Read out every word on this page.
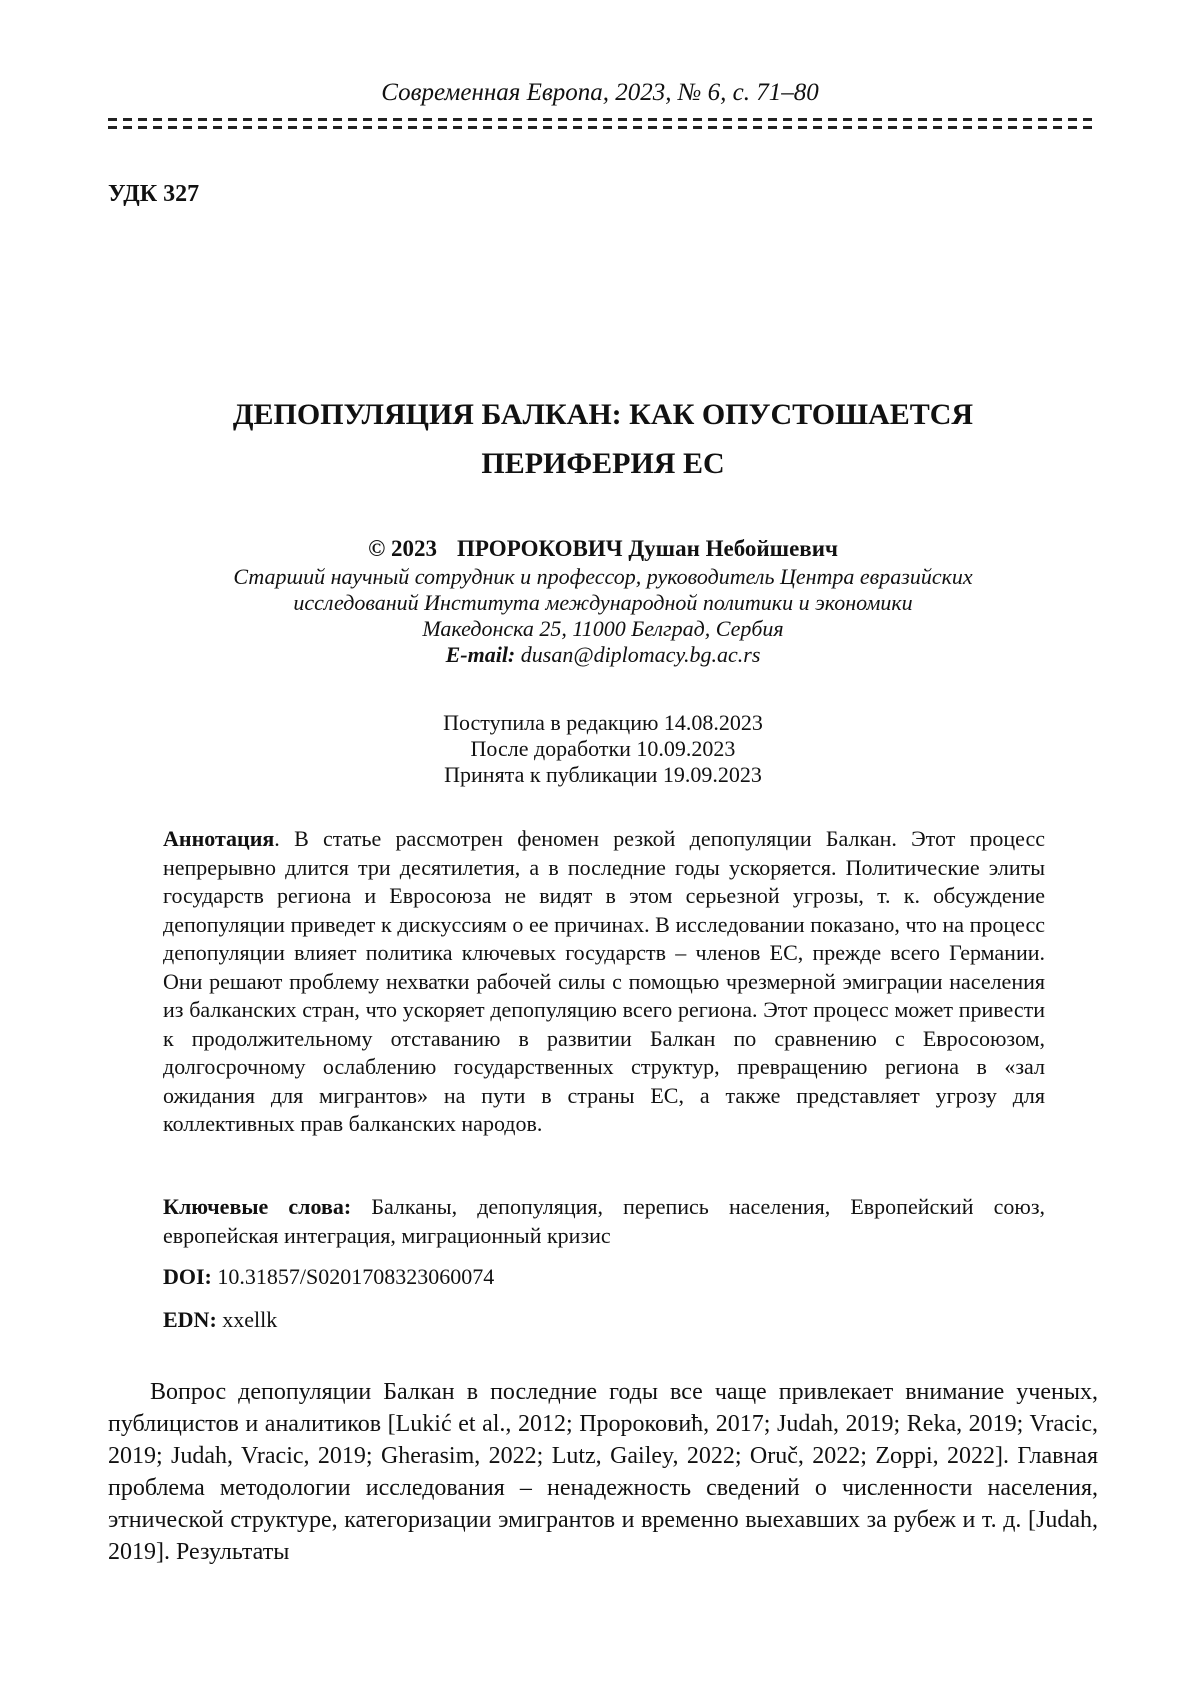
Современная Европа, 2023, № 6, с. 71–80
УДК 327
ДЕПОПУЛЯЦИЯ БАЛКАН: КАК ОПУСТОШАЕТСЯ
ПЕРИФЕРИЯ ЕС
© 2023 ПРОРОКОВИЧ Душан Небойшевич
Старший научный сотрудник и профессор, руководитель Центра евразийских
исследований Института международной политики и экономики
Македонска 25, 11000 Белград, Сербия
E-mail: dusan@diplomacy.bg.ac.rs
Поступила в редакцию 14.08.2023
После доработки 10.09.2023
Принята к публикации 19.09.2023

Аннотация. В статье рассмотрен феномен резкой депопуляции Балкан. Этот процесс непрерывно длится три десятилетия, а в последние годы ускоряется. Политические элиты государств региона и Евросоюза не видят в этом серьезной угрозы, т. к. обсуждение депопуляции приведет к дискуссиям о ее причинах. В исследовании показано, что на процесс депопуляции влияет политика ключевых государств – членов ЕС, прежде всего Германии. Они решают проблему нехватки рабочей силы с помощью чрезмерной эмиграции населения из балканских стран, что ускоряет депопуляцию всего региона. Этот процесс может привести к продолжительному отставанию в развитии Балкан по сравнению с Евросоюзом, долгосрочному ослаблению государственных структур, превращению региона в «зал ожидания для мигрантов» на пути в страны ЕС, а также представляет угрозу для коллективных прав балканских народов.

Ключевые слова: Балканы, депопуляция, перепись населения, Европейский союз, европейская интеграция, миграционный кризис

DOI: 10.31857/S0201708323060074
EDN: xxellk

Вопрос депопуляции Балкан в последние годы все чаще привлекает внимание ученых, публицистов и аналитиков [Lukić et al., 2012; Пророковић, 2017; Judah, 2019; Reka, 2019; Vracic, 2019; Judah, Vracic, 2019; Gherasim, 2022; Lutz, Gailey, 2022; Oruč, 2022; Zoppi, 2022]. Главная проблема методологии исследования – ненадежность сведений о численности населения, этнической структуре, категоризации эмигрантов и временно выехавших за рубеж и т. д. [Judah, 2019]. Результаты
